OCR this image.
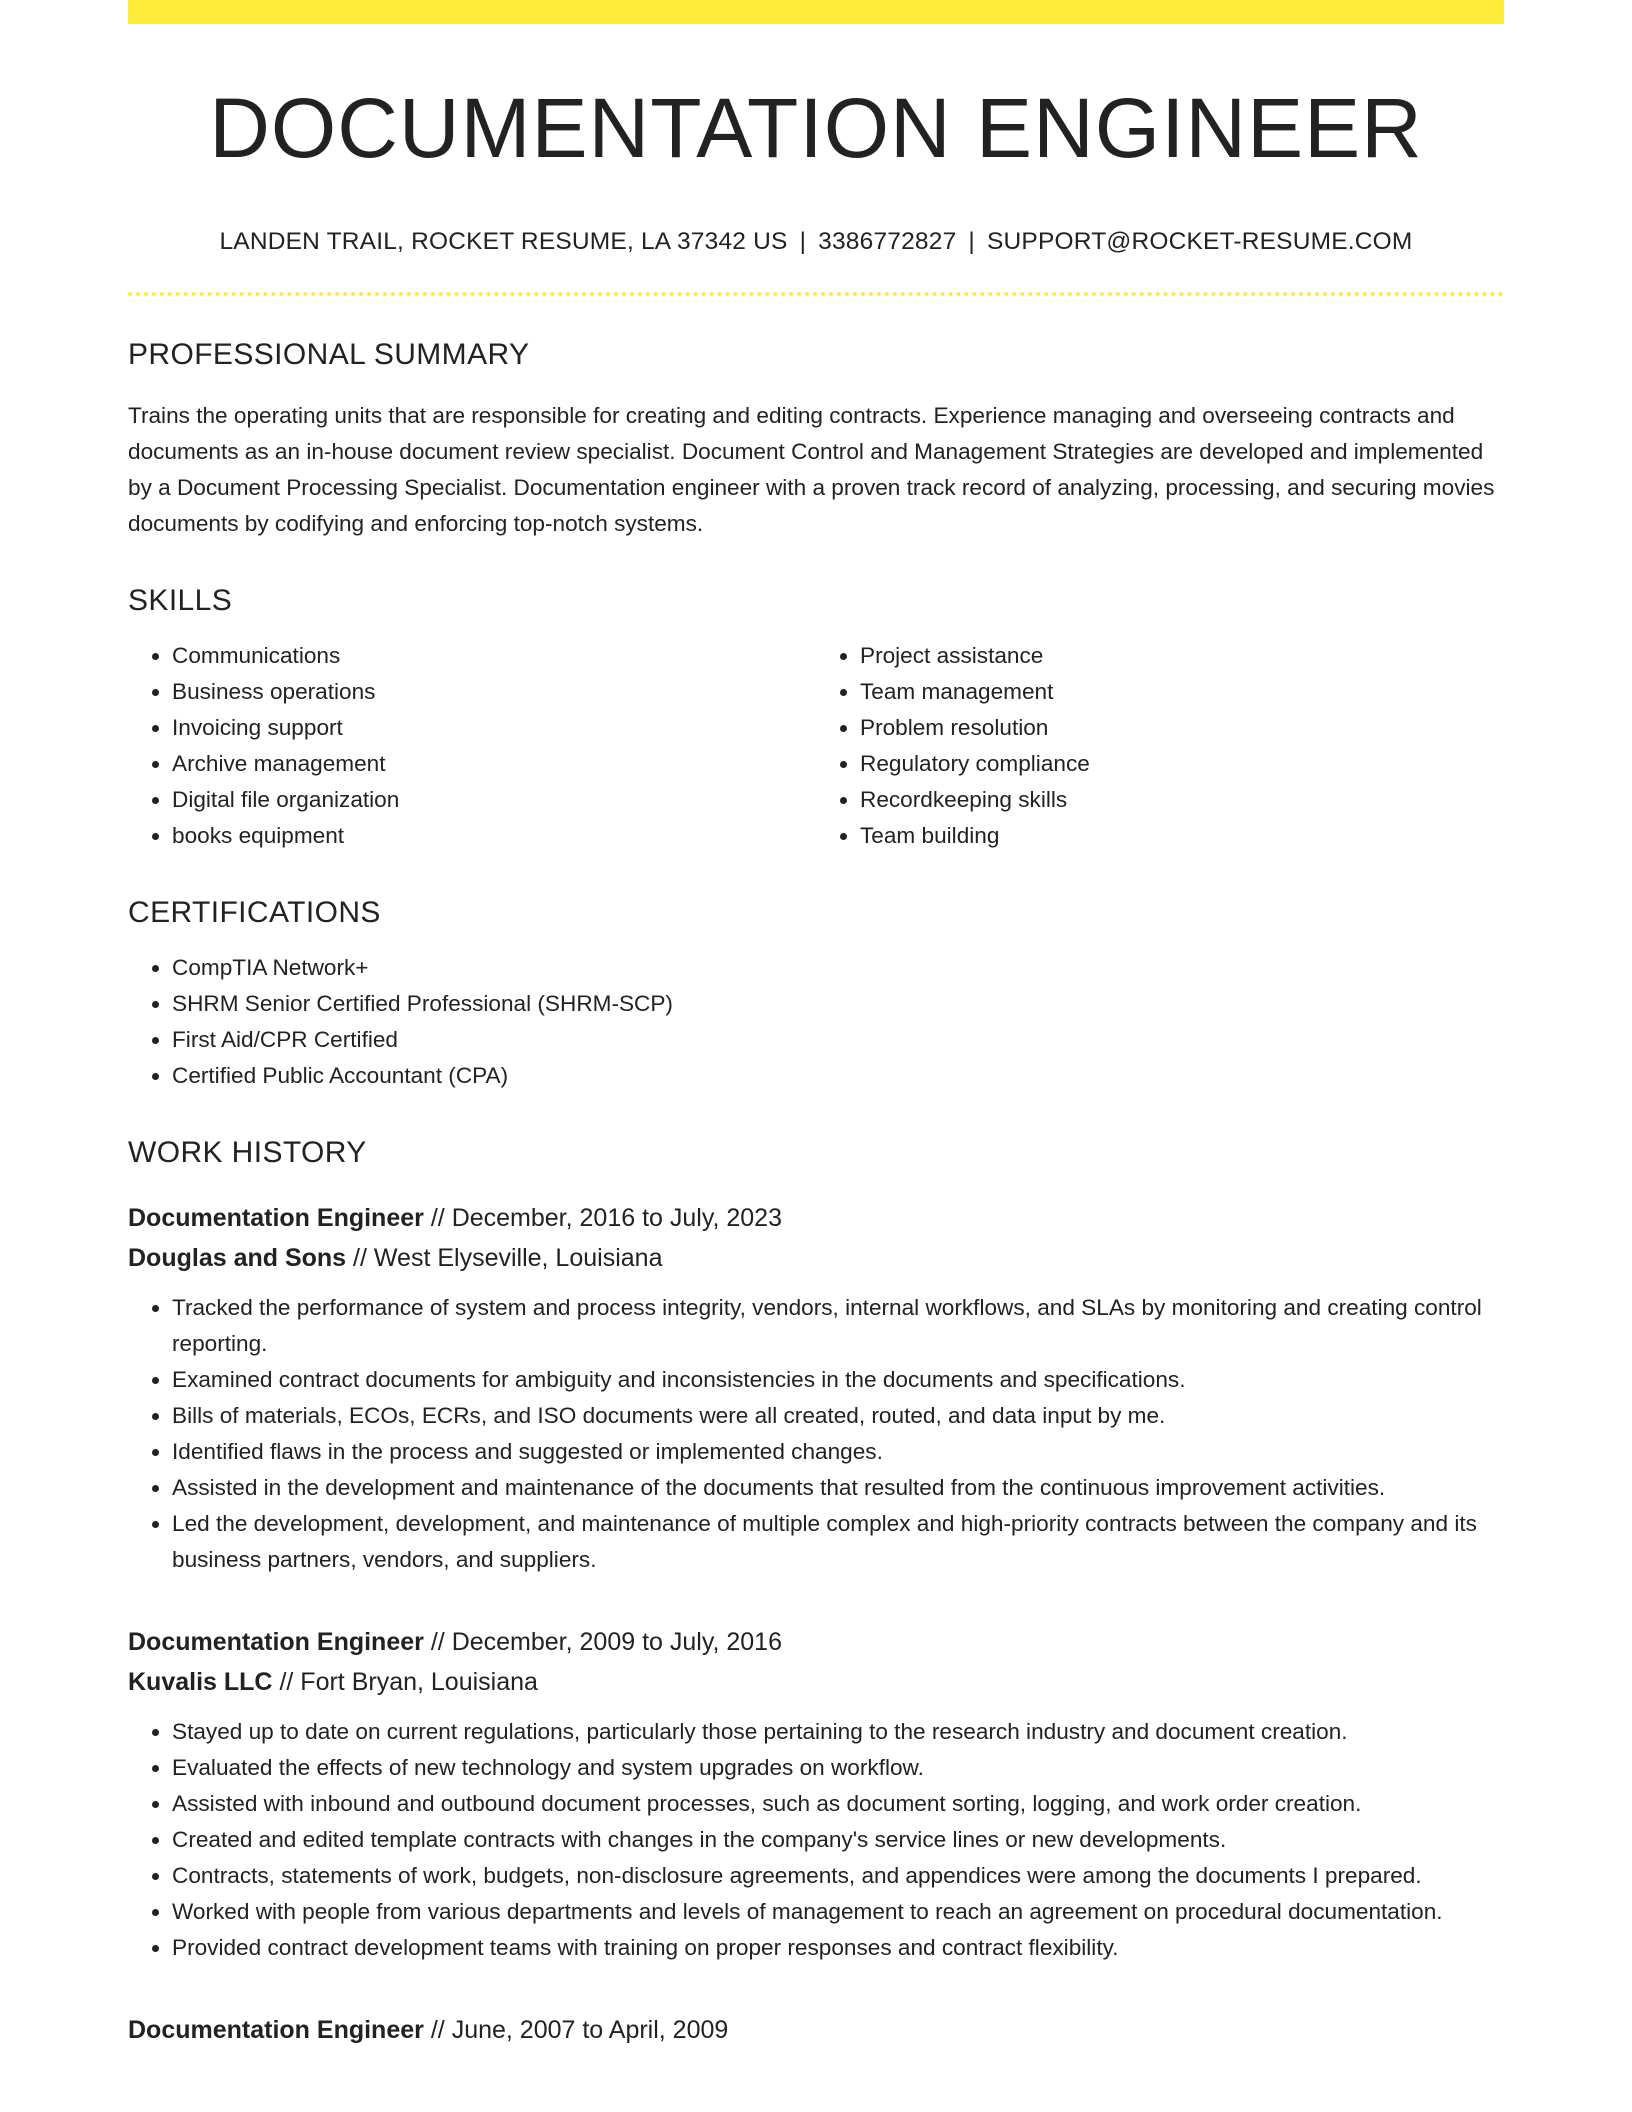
DOCUMENTATION ENGINEER
LANDEN TRAIL, ROCKET RESUME, LA 37342 US | 3386772827 | SUPPORT@ROCKET-RESUME.COM
PROFESSIONAL SUMMARY

Trains the operating units that are responsible for creating and editing contracts. Experience managing and overseeing contracts and documents as an in-house document review specialist. Document Control and Management Strategies are developed and implemented by a Document Processing Specialist. Documentation engineer with a proven track record of analyzing, processing, and securing movies documents by codifying and enforcing top-notch systems.

SKILLS
• Communications
• Business operations
• Invoicing support
• Archive management
• Digital file organization
• books equipment
• Project assistance
• Team management
• Problem resolution
• Regulatory compliance
• Recordkeeping skills
• Team building
CERTIFICATIONS
• CompTIA Network+
• SHRM Senior Certified Professional (SHRM-SCP)
• First Aid/CPR Certified
• Certified Public Accountant (CPA)
WORK HISTORY
Documentation Engineer // December, 2016 to July, 2023
Douglas and Sons // West Elyseville, Louisiana
• Tracked the performance of system and process integrity, vendors, internal workflows, and SLAs by monitoring and creating control reporting.
• Examined contract documents for ambiguity and inconsistencies in the documents and specifications.
• Bills of materials, ECOs, ECRs, and ISO documents were all created, routed, and data input by me.
• Identified flaws in the process and suggested or implemented changes.
• Assisted in the development and maintenance of the documents that resulted from the continuous improvement activities.
• Led the development, development, and maintenance of multiple complex and high-priority contracts between the company and its business partners, vendors, and suppliers.
Documentation Engineer // December, 2009 to July, 2016
Kuvalis LLC // Fort Bryan, Louisiana
• Stayed up to date on current regulations, particularly those pertaining to the research industry and document creation.
• Evaluated the effects of new technology and system upgrades on workflow.
• Assisted with inbound and outbound document processes, such as document sorting, logging, and work order creation.
• Created and edited template contracts with changes in the company's service lines or new developments.
• Contracts, statements of work, budgets, non-disclosure agreements, and appendices were among the documents I prepared.
• Worked with people from various departments and levels of management to reach an agreement on procedural documentation.
• Provided contract development teams with training on proper responses and contract flexibility.
Documentation Engineer // June, 2007 to April, 2009
